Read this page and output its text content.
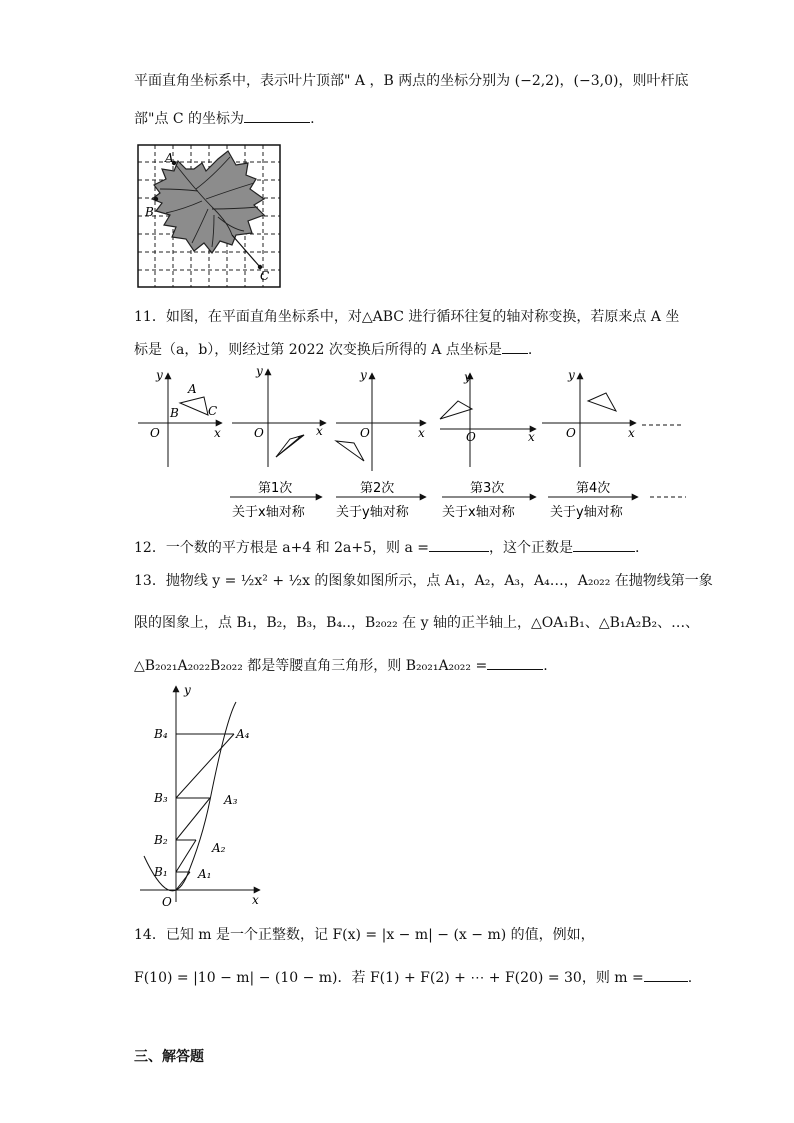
平面直角坐标系中，表示叶片顶部" A ，B 两点的坐标分别为 (−2,2)，(−3,0)，则叶杆底
部"点 C 的坐标为	.
A
B
C
11．如图，在平面直角坐标系中，对△ABC 进行循环往复的轴对称变换，若原来点 A 坐
标是（a，b），则经过第 2022 次变换后所得的 A 点坐标是 .
y
x
O
A
B C
y
x
O
y
x
O
y
x
O
y
x
O
第1次
关于x轴对称
第2次
关于y轴对称
第3次
关于x轴对称
第4次
关于y轴对称
12．一个数的平方根是 a+4 和 2a+5，则 a =	，这个正数是	.
13．抛物线 y = ½x² + ½x 的图象如图所示，点 A₁，A₂，A₃，A₄…，A₂₀₂₂ 在抛物线第一象
限的图象上，点 B₁，B₂，B₃，B₄..，B₂₀₂₂ 在 y 轴的正半轴上，△OA₁B₁、△B₁A₂B₂、…、
△B₂₀₂₁A₂₀₂₂B₂₀₂₂ 都是等腰直角三角形，则 B₂₀₂₁A₂₀₂₂ =	.
y
x
O
B₄
B₃
B₂
B₁
A₄
A₃
A₂
A₁
14．已知 m 是一个正整数，记 F(x) = |x − m| − (x − m) 的值，例如，
F(10) = |10 − m| − (10 − m)．若 F(1) + F(2) + ⋯ + F(20) = 30，则 m =	.
三、解答题
